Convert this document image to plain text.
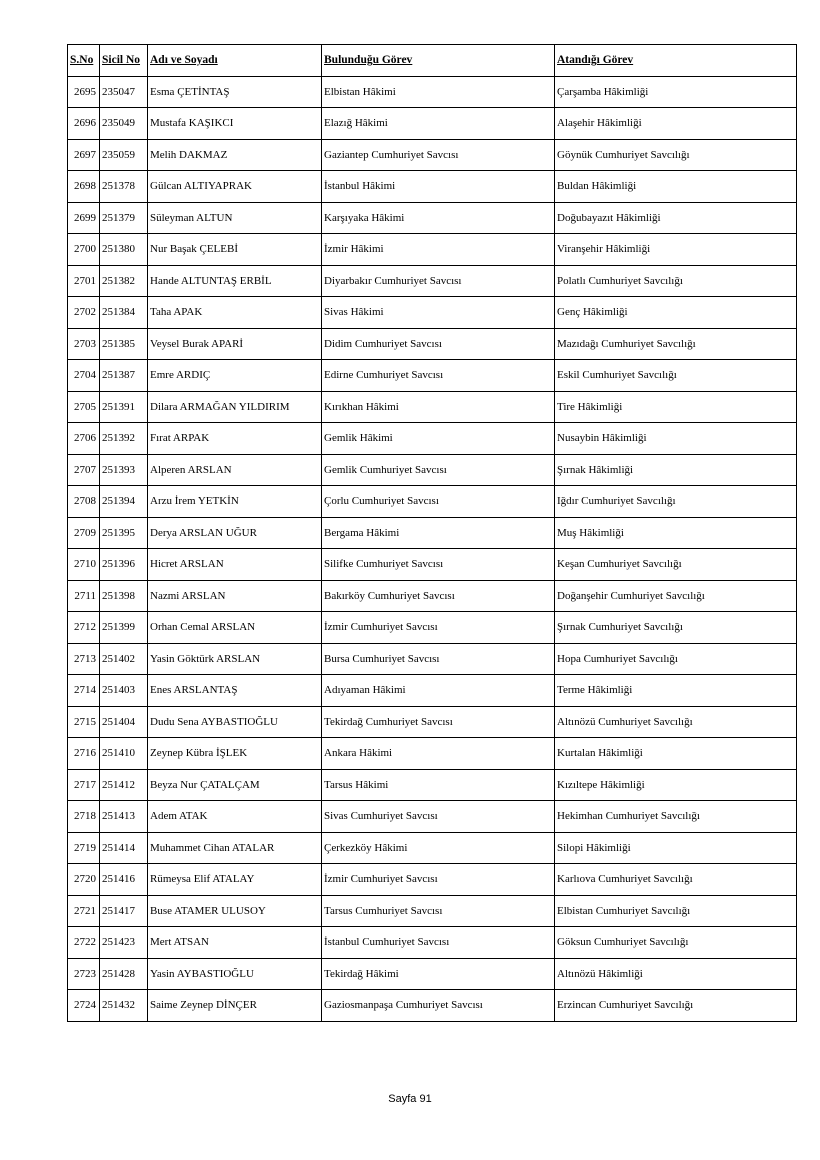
S.No	Sicil No	Adı ve Soyadı	Bulunduğu Görev	Atandığı Görev
2695	235047	Esma ÇETİNTAŞ	Elbistan Hâkimi	Çarşamba Hâkimliği
2696	235049	Mustafa KAŞIKCI	Elazığ Hâkimi	Alaşehir Hâkimliği
2697	235059	Melih DAKMAZ	Gaziantep Cumhuriyet Savcısı	Göynük Cumhuriyet Savcılığı
2698	251378	Gülcan ALTIYAPRAK	İstanbul Hâkimi	Buldan Hâkimliği
2699	251379	Süleyman ALTUN	Karşıyaka Hâkimi	Doğubayazıt Hâkimliği
2700	251380	Nur Başak ÇELEBİ	İzmir Hâkimi	Viranşehir Hâkimliği
2701	251382	Hande ALTUNTAŞ ERBİL	Diyarbakır Cumhuriyet Savcısı	Polatlı Cumhuriyet Savcılığı
2702	251384	Taha APAK	Sivas Hâkimi	Genç Hâkimliği
2703	251385	Veysel Burak APARİ	Didim Cumhuriyet Savcısı	Mazıdağı Cumhuriyet Savcılığı
2704	251387	Emre ARDIÇ	Edirne Cumhuriyet Savcısı	Eskil Cumhuriyet Savcılığı
2705	251391	Dilara ARMAĞAN YILDIRIM	Kırıkhan Hâkimi	Tire Hâkimliği
2706	251392	Fırat ARPAK	Gemlik Hâkimi	Nusaybin Hâkimliği
2707	251393	Alperen ARSLAN	Gemlik Cumhuriyet Savcısı	Şırnak Hâkimliği
2708	251394	Arzu İrem YETKİN	Çorlu Cumhuriyet Savcısı	Iğdır Cumhuriyet Savcılığı
2709	251395	Derya ARSLAN UĞUR	Bergama Hâkimi	Muş Hâkimliği
2710	251396	Hicret ARSLAN	Silifke Cumhuriyet Savcısı	Keşan Cumhuriyet Savcılığı
2711	251398	Nazmi ARSLAN	Bakırköy Cumhuriyet Savcısı	Doğanşehir Cumhuriyet Savcılığı
2712	251399	Orhan Cemal ARSLAN	İzmir Cumhuriyet Savcısı	Şırnak Cumhuriyet Savcılığı
2713	251402	Yasin Göktürk ARSLAN	Bursa Cumhuriyet Savcısı	Hopa Cumhuriyet Savcılığı
2714	251403	Enes ARSLANTAŞ	Adıyaman Hâkimi	Terme Hâkimliği
2715	251404	Dudu Sena AYBASTIOĞLU	Tekirdağ Cumhuriyet Savcısı	Altınözü Cumhuriyet Savcılığı
2716	251410	Zeynep Kübra İŞLEK	Ankara Hâkimi	Kurtalan Hâkimliği
2717	251412	Beyza Nur ÇATALÇAM	Tarsus Hâkimi	Kızıltepe Hâkimliği
2718	251413	Adem ATAK	Sivas Cumhuriyet Savcısı	Hekimhan Cumhuriyet Savcılığı
2719	251414	Muhammet Cihan ATALAR	Çerkezköy Hâkimi	Silopi Hâkimliği
2720	251416	Rümeysa Elif ATALAY	İzmir Cumhuriyet Savcısı	Karlıova Cumhuriyet Savcılığı
2721	251417	Buse ATAMER ULUSOY	Tarsus Cumhuriyet Savcısı	Elbistan Cumhuriyet Savcılığı
2722	251423	Mert ATSAN	İstanbul Cumhuriyet Savcısı	Göksun Cumhuriyet Savcılığı
2723	251428	Yasin AYBASTIOĞLU	Tekirdağ Hâkimi	Altınözü Hâkimliği
2724	251432	Saime Zeynep DİNÇER	Gaziosmanpaşa Cumhuriyet Savcısı	Erzincan Cumhuriyet Savcılığı
Sayfa 91
